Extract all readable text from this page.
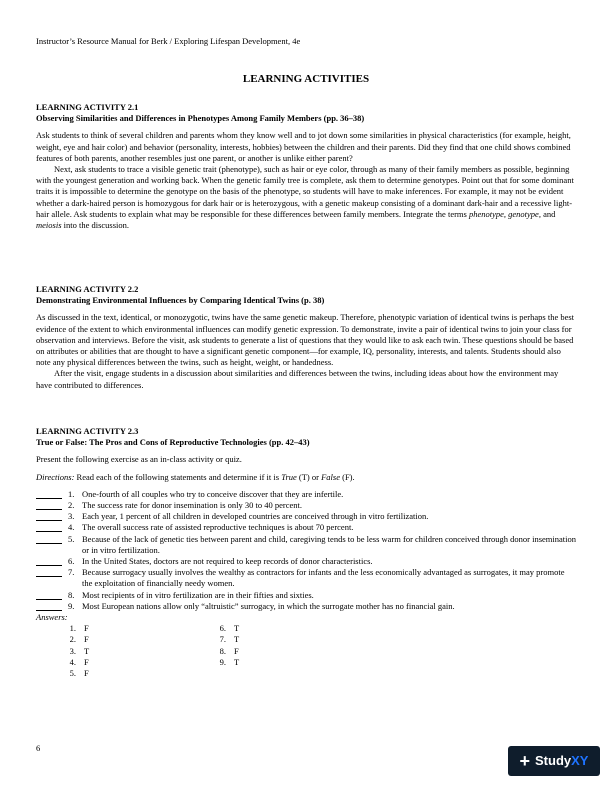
Instructor’s Resource Manual for Berk / Exploring Lifespan Development, 4e
LEARNING ACTIVITIES
LEARNING ACTIVITY 2.1
Observing Similarities and Differences in Phenotypes Among Family Members (pp. 36–38)

Ask students to think of several children and parents whom they know well and to jot down some similarities in physical characteristics (for example, height, weight, eye and hair color) and behavior (personality, interests, hobbies) between the children and their parents. Did they find that one child shows combined features of both parents, another resembles just one parent, or another is unlike either parent?

Next, ask students to trace a visible genetic trait (phenotype), such as hair or eye color, through as many of their family members as possible, beginning with the youngest generation and working back. When the genetic family tree is complete, ask them to determine genotypes. Point out that for some dominant traits it is impossible to determine the genotype on the basis of the phenotype, so students will have to make inferences. For example, it may not be evident whether a dark-haired person is homozygous for dark hair or is heterozygous, with a genetic makeup consisting of a dominant dark-hair and a recessive light-hair allele. Ask students to explain what may be responsible for these differences between family members. Integrate the terms phenotype, genotype, and meiosis into the discussion.

LEARNING ACTIVITY 2.2
Demonstrating Environmental Influences by Comparing Identical Twins (p. 38)

As discussed in the text, identical, or monozygotic, twins have the same genetic makeup. Therefore, phenotypic variation of identical twins is perhaps the best evidence of the extent to which environmental influences can modify genetic expression. To demonstrate, invite a pair of identical twins to join your class for observation and interviews. Before the visit, ask students to generate a list of questions that they would like to ask each twin. These questions should be based on attributes or abilities that are thought to have a significant genetic component—for example, IQ, personality, interests, and talents. Students should also note any physical differences between the twins, such as height, weight, or handedness.

After the visit, engage students in a discussion about similarities and differences between the twins, including ideas about how the environment may have contributed to differences.

LEARNING ACTIVITY 2.3
True or False: The Pros and Cons of Reproductive Technologies (pp. 42–43)

Present the following exercise as an in-class activity or quiz.

Directions: Read each of the following statements and determine if it is True (T) or False (F).

1. One-fourth of all couples who try to conceive discover that they are infertile.
2. The success rate for donor insemination is only 30 to 40 percent.
3. Each year, 1 percent of all children in developed countries are conceived through in vitro fertilization.
4. The overall success rate of assisted reproductive techniques is about 70 percent.
5. Because of the lack of genetic ties between parent and child, caregiving tends to be less warm for children conceived through donor insemination or in vitro fertilization.
6. In the United States, doctors are not required to keep records of donor characteristics.
7. Because surrogacy usually involves the wealthy as contractors for infants and the less economically advantaged as surrogates, it may promote the exploitation of financially needy women.
8. Most recipients of in vitro fertilization are in their fifties and sixties.
9. Most European nations allow only “altruistic” surrogacy, in which the surrogate mother has no financial gain.
Answers:
1. F
2. F
3. T
4. F
5. F
6. T
7. T
8. F
9. T
6
+ Study XY
